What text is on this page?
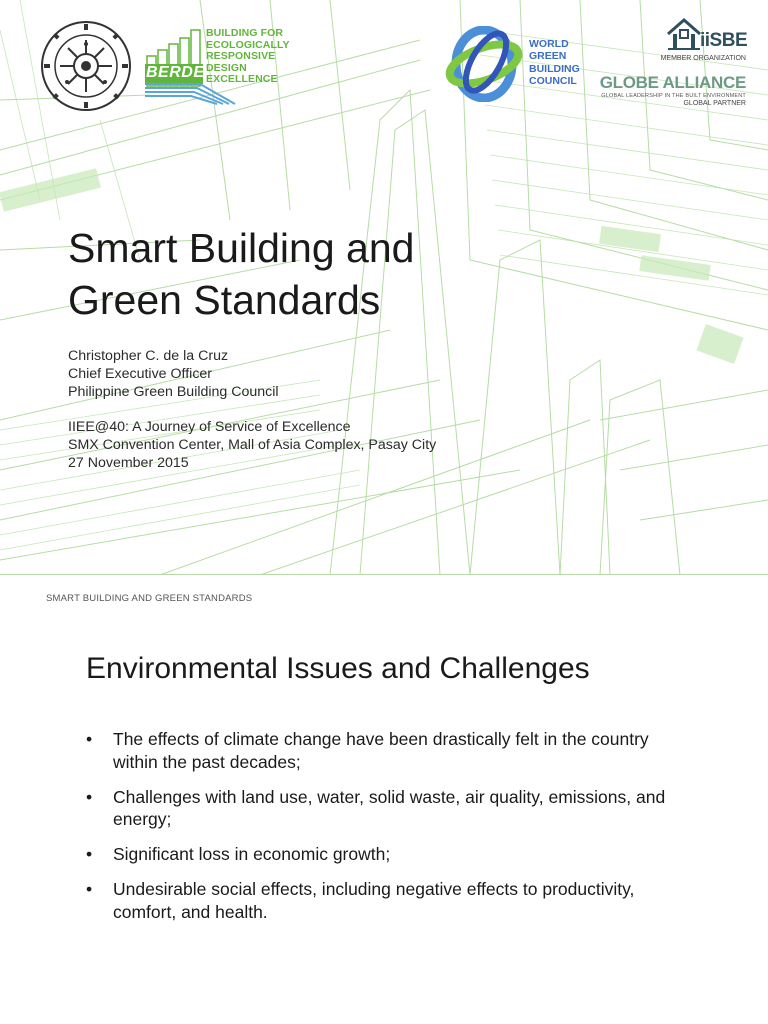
BERDE
BUILDING FOR
ECOLOGICALLY
RESPONSIVE
DESIGN
EXCELLENCE
WORLD
GREEN
BUILDING
COUNCIL
iiSBE
MEMBER ORGANIZATION
GLOBE ALLIANCE
GLOBAL LEADERSHIP IN THE BUILT ENVIRONMENT
GLOBAL PARTNER
Smart Building and
Green Standards
Christopher C. de la Cruz
Chief Executive Officer
Philippine Green Building Council
IIEE@40: A Journey of Service of Excellence
SMX Convention Center, Mall of Asia Complex, Pasay City
27 November 2015
SMART BUILDING AND GREEN STANDARDS
Environmental Issues and Challenges
• The effects of climate change have been drastically felt in the country within the past decades;
• Challenges with land use, water, solid waste, air quality, emissions, and energy;
• Significant loss in economic growth;
• Undesirable social effects, including negative effects to productivity, comfort, and health.
